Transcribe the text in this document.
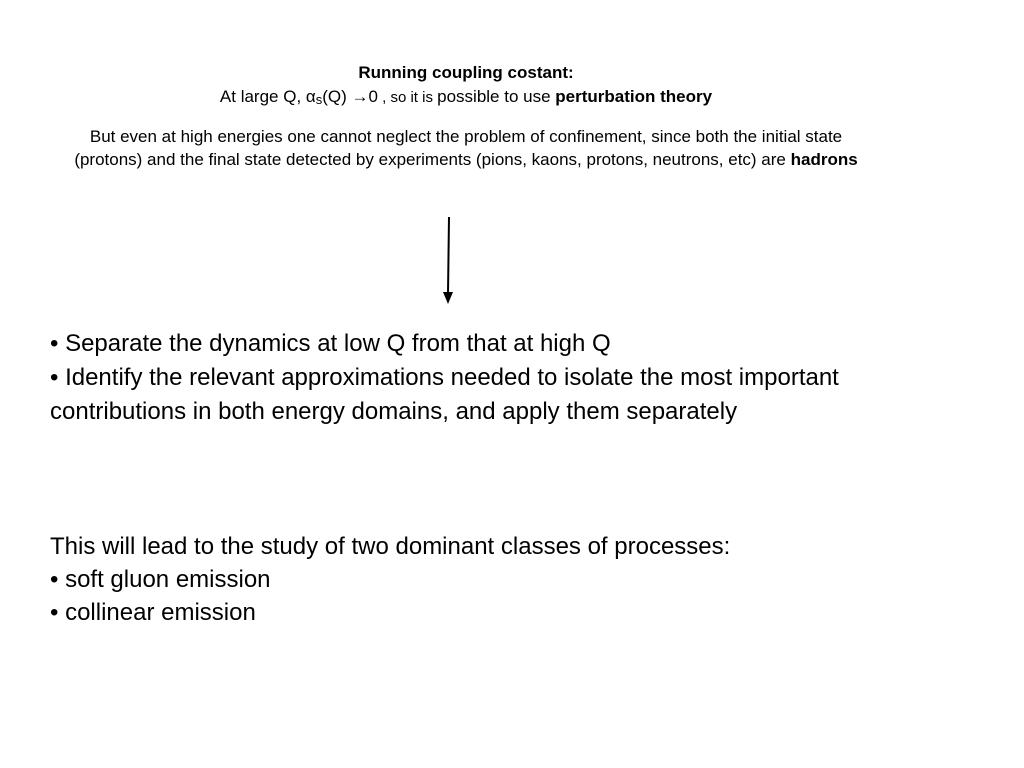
Running coupling costant:

At large Q, αs(Q) →0 , so it is possible to use perturbation theory

But even at high energies one cannot neglect the problem of confinement, since both the initial state (protons) and the final state detected by experiments (pions, kaons, protons, neutrons, etc) are hadrons

• Separate the dynamics at low Q from that at high Q

• Identify the relevant approximations needed to isolate the most important contributions in both energy domains, and apply them separately

This will lead to the study of two dominant classes of processes:

• soft gluon emission

• collinear emission
